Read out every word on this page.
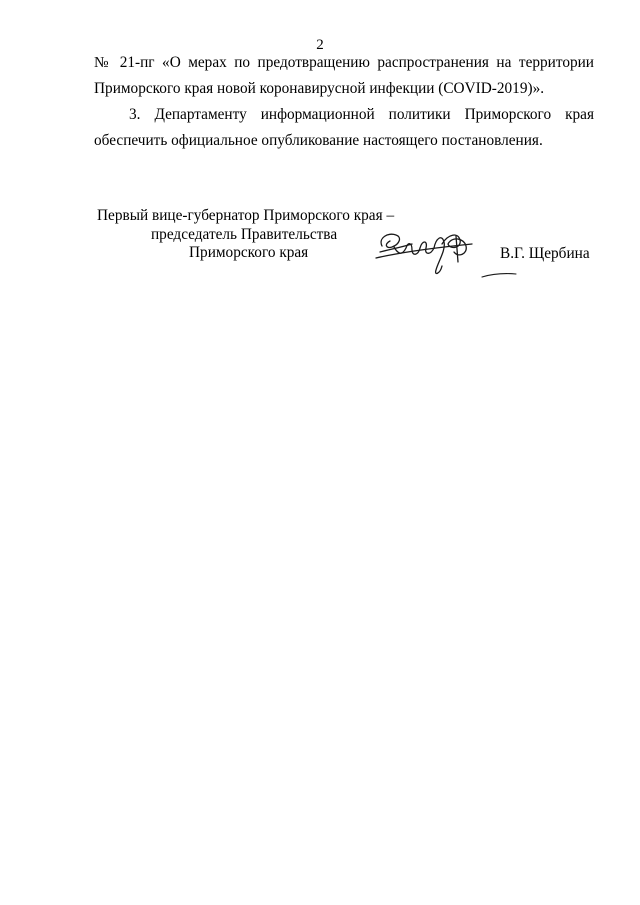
2
№ 21-пг «О мерах по предотвращению распространения на территории
Приморского края новой коронавирусной инфекции (COVID-2019)».
3. Департаменту информационной политики Приморского края
обеспечить официальное опубликование настоящего постановления.
Первый вице-губернатор Приморского края –
председатель Правительства
Приморского края	В.Г. Щербина
